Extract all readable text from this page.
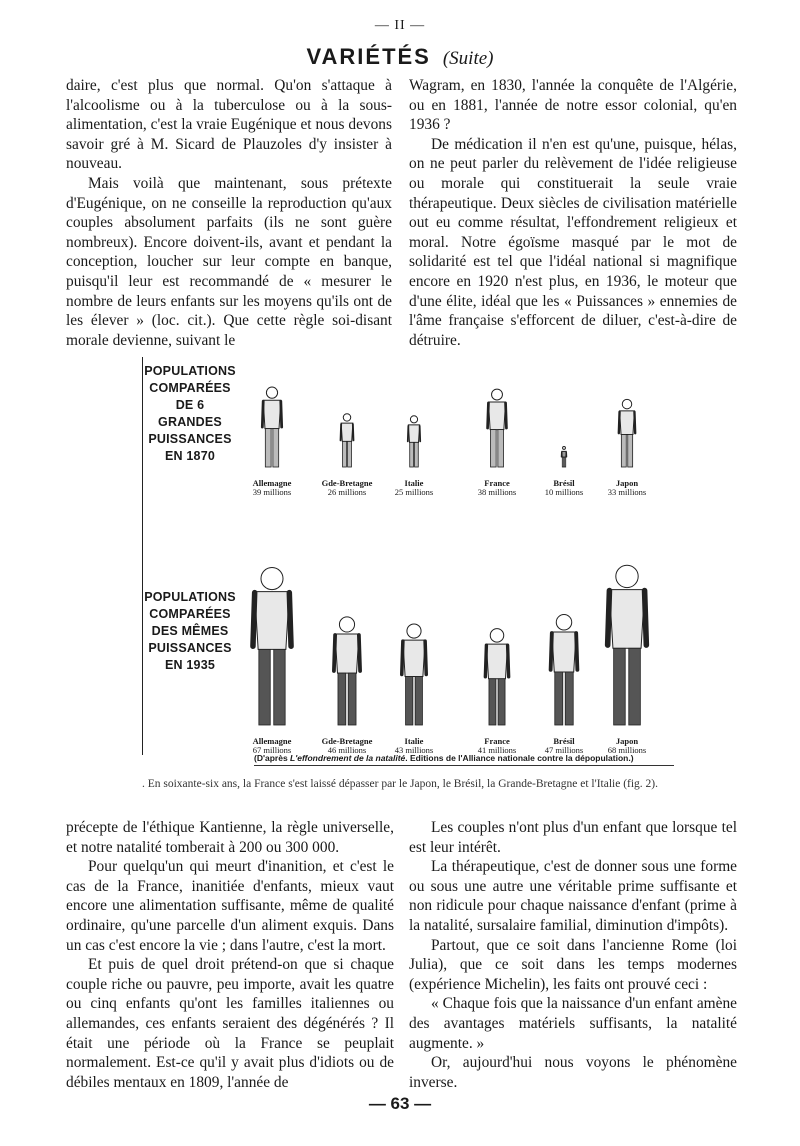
— II —
VARIÉTÉS (Suite)

daire, c'est plus que normal. Qu'on s'attaque à l'alcoolisme ou à la tuberculose ou à la sous-alimentation, c'est la vraie Eugénique et nous devons savoir gré à M. Sicard de Plauzoles d'y insister à nouveau.

Mais voilà que maintenant, sous prétexte d'Eugénique, on ne conseille la reproduction qu'aux couples absolument parfaits (ils ne sont guère nombreux). Encore doivent-ils, avant et pendant la conception, loucher sur leur compte en banque, puisqu'il leur est recommandé de « mesurer le nombre de leurs enfants sur les moyens qu'ils ont de les élever » (loc. cit.). Que cette règle soi-disant morale devienne, suivant le

Wagram, en 1830, l'année la conquête de l'Algérie, ou en 1881, l'année de notre essor colonial, qu'en 1936 ?

De médication il n'en est qu'une, puisque, hélas, on ne peut parler du relèvement de l'idée religieuse ou morale qui constituerait la seule vraie thérapeutique. Deux siècles de civilisation matérielle out eu comme résultat, l'effondrement religieux et moral. Notre égoïsme masqué par le mot de solidarité est tel que l'idéal national si magnifique encore en 1920 n'est plus, en 1936, le moteur que d'une élite, idéal que les « Puissances » ennemies de l'âme française s'efforcent de diluer, c'est-à-dire de détruire.

POPULATIONS
COMPARÉES
DE 6 GRANDES
PUISSANCES
EN 1870
POPULATIONS
COMPARÉES
DES MÊMES
PUISSANCES
EN 1935
Allemagne
39 millions
Gde-Bretagne
26 millions
Italie
25 millions
France
38 millions
Brésil
10 millions
Japon
33 millions
Allemagne
67 millions
Gde-Bretagne
46 millions
Italie
43 millions
France
41 millions
Brésil
47 millions
Japon
68 millions
(D'après L'effondrement de la natalité. Editions de l'Alliance nationale contre la dépopulation.)
. En soixante-six ans, la France s'est laissé dépasser par le Japon, le Brésil, la Grande-Bretagne et l'Italie (fig. 2).

précepte de l'éthique Kantienne, la règle universelle, et notre natalité tomberait à 200 ou 300 000.

Pour quelqu'un qui meurt d'inanition, et c'est le cas de la France, inanitiée d'enfants, mieux vaut encore une alimentation suffisante, même de qualité ordinaire, qu'une parcelle d'un aliment exquis. Dans un cas c'est encore la vie ; dans l'autre, c'est la mort.

Et puis de quel droit prétend-on que si chaque couple riche ou pauvre, peu importe, avait les quatre ou cinq enfants qu'ont les familles italiennes ou allemandes, ces enfants seraient des dégénérés ? Il était une période où la France se peuplait normalement. Est-ce qu'il y avait plus d'idiots ou de débiles mentaux en 1809, l'année de

Les couples n'ont plus d'un enfant que lorsque tel est leur intérêt.

La thérapeutique, c'est de donner sous une forme ou sous une autre une véritable prime suffisante et non ridicule pour chaque naissance d'enfant (prime à la natalité, sursalaire familial, diminution d'impôts).

Partout, que ce soit dans l'ancienne Rome (loi Julia), que ce soit dans les temps modernes (expérience Michelin), les faits ont prouvé ceci :

« Chaque fois que la naissance d'un enfant amène des avantages matériels suffisants, la natalité augmente. »

Or, aujourd'hui nous voyons le phénomène inverse.

— 63 —
